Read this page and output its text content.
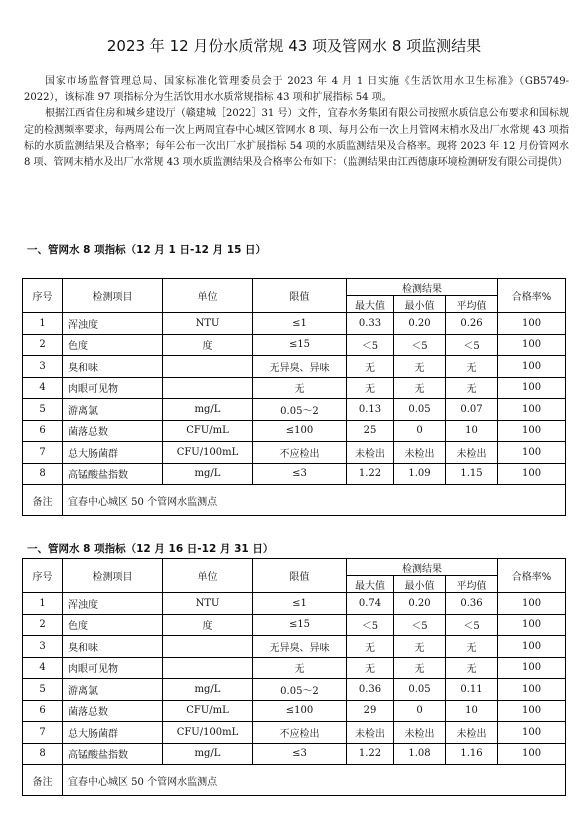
2023 年 12 月份水质常规 43 项及管网水 8 项监测结果

国家市场监督管理总局、国家标准化管理委员会于 2023 年 4 月 1 日实施《生活饮用水卫生标准》（GB5749-2022），该标准 97 项指标分为生活饮用水水质常规指标 43 项和扩展指标 54 项。

根据江西省住房和城乡建设厅（赣建城［2022］31 号）文件，宜春水务集团有限公司按照水质信息公布要求和国标规定的检测频率要求，每两周公布一次上两周宜春中心城区管网水 8 项、每月公布一次上月管网末梢水及出厂水常规 43 项指标的水质监测结果及合格率；每年公布一次出厂水扩展指标 54 项的水质监测结果及合格率。现将 2023 年 12 月份管网水 8 项、管网末梢水及出厂水常规 43 项水质监测结果及合格率公布如下：（监测结果由江西德康环境检测研发有限公司提供）

一、管网水 8 项指标（12 月 1 日-12 月 15 日）
序号	检测项目	单位	限值	检测结果			合格率%
				最大值	最小值	平均值	
1	浑浊度	NTU	≤1	0.33	0.20	0.26	100
2	色度	度	≤15	＜5	＜5	＜5	100
3	臭和味		无异臭、异味	无	无	无	100
4	肉眼可见物		无	无	无	无	100
5	游离氯	mg/L	0.05～2	0.13	0.05	0.07	100
6	菌落总数	CFU/mL	≤100	25	0	10	100
7	总大肠菌群	CFU/100mL	不应检出	未检出	未检出	未检出	100
8	高锰酸盐指数	mg/L	≤3	1.22	1.09	1.15	100
备注	宜春中心城区 50 个管网水监测点						
一、管网水 8 项指标（12 月 16 日-12 月 31 日）
序号	检测项目	单位	限值	检测结果			合格率%
				最大值	最小值	平均值	
1	浑浊度	NTU	≤1	0.74	0.20	0.36	100
2	色度	度	≤15	＜5	＜5	＜5	100
3	臭和味		无异臭、异味	无	无	无	100
4	肉眼可见物		无	无	无	无	100
5	游离氯	mg/L	0.05～2	0.36	0.05	0.11	100
6	菌落总数	CFU/mL	≤100	29	0	10	100
7	总大肠菌群	CFU/100mL	不应检出	未检出	未检出	未检出	100
8	高锰酸盐指数	mg/L	≤3	1.22	1.08	1.16	100
备注	宜春中心城区 50 个管网水监测点						
